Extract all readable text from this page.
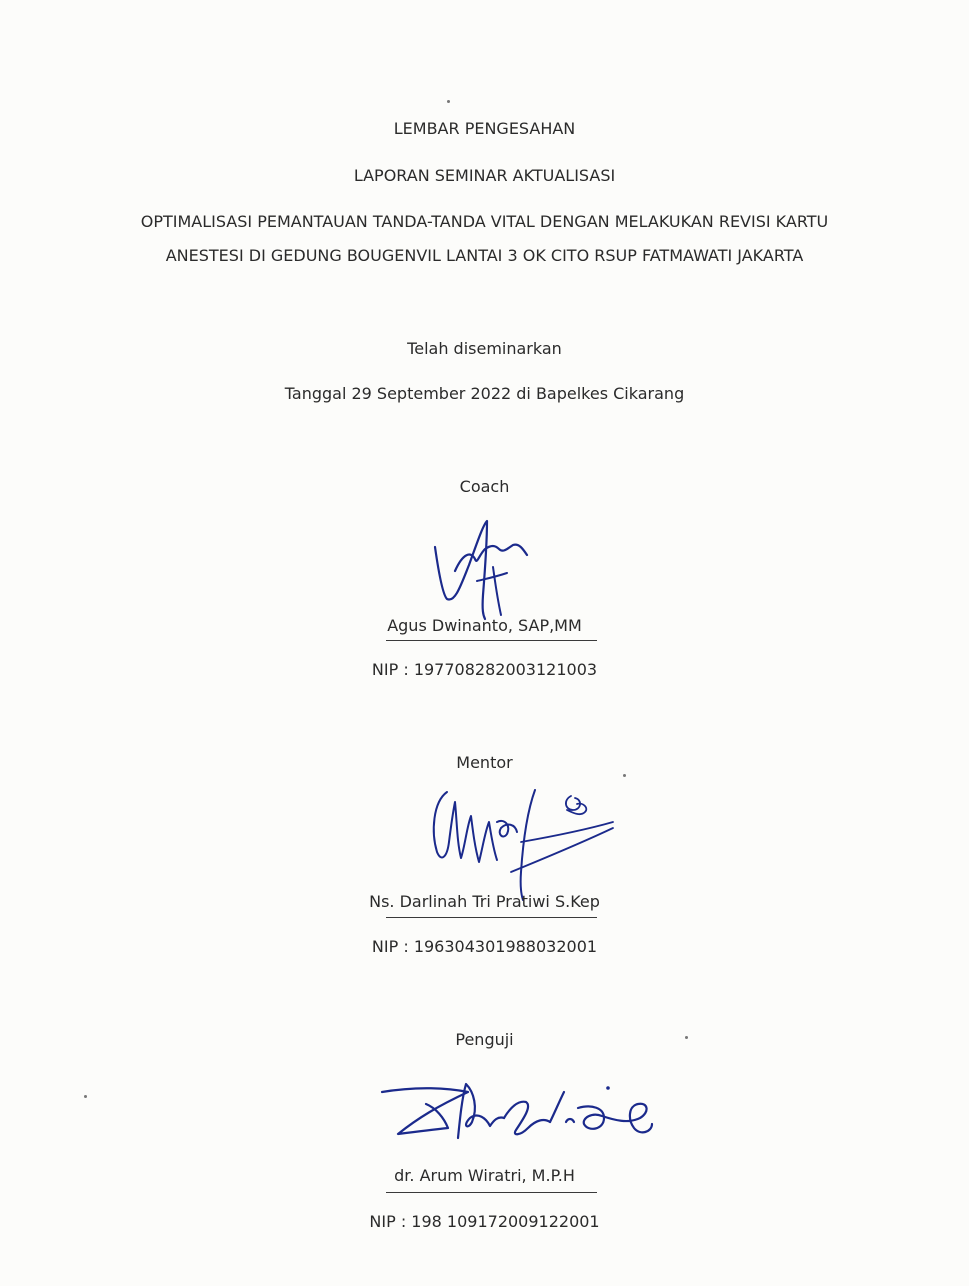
LEMBAR PENGESAHAN
LAPORAN SEMINAR AKTUALISASI
OPTIMALISASI PEMANTAUAN TANDA-TANDA VITAL DENGAN MELAKUKAN REVISI KARTU
ANESTESI DI GEDUNG BOUGENVIL LANTAI 3 OK CITO RSUP FATMAWATI JAKARTA
Telah diseminarkan
Tanggal 29 September 2022 di Bapelkes Cikarang
Coach
Agus Dwinanto, SAP,MM
NIP : 197708282003121003
Mentor
Ns. Darlinah Tri Pratiwi S.Kep
NIP : 196304301988032001
Penguji
dr. Arum Wiratri, M.P.H
NIP : 198 109172009122001
